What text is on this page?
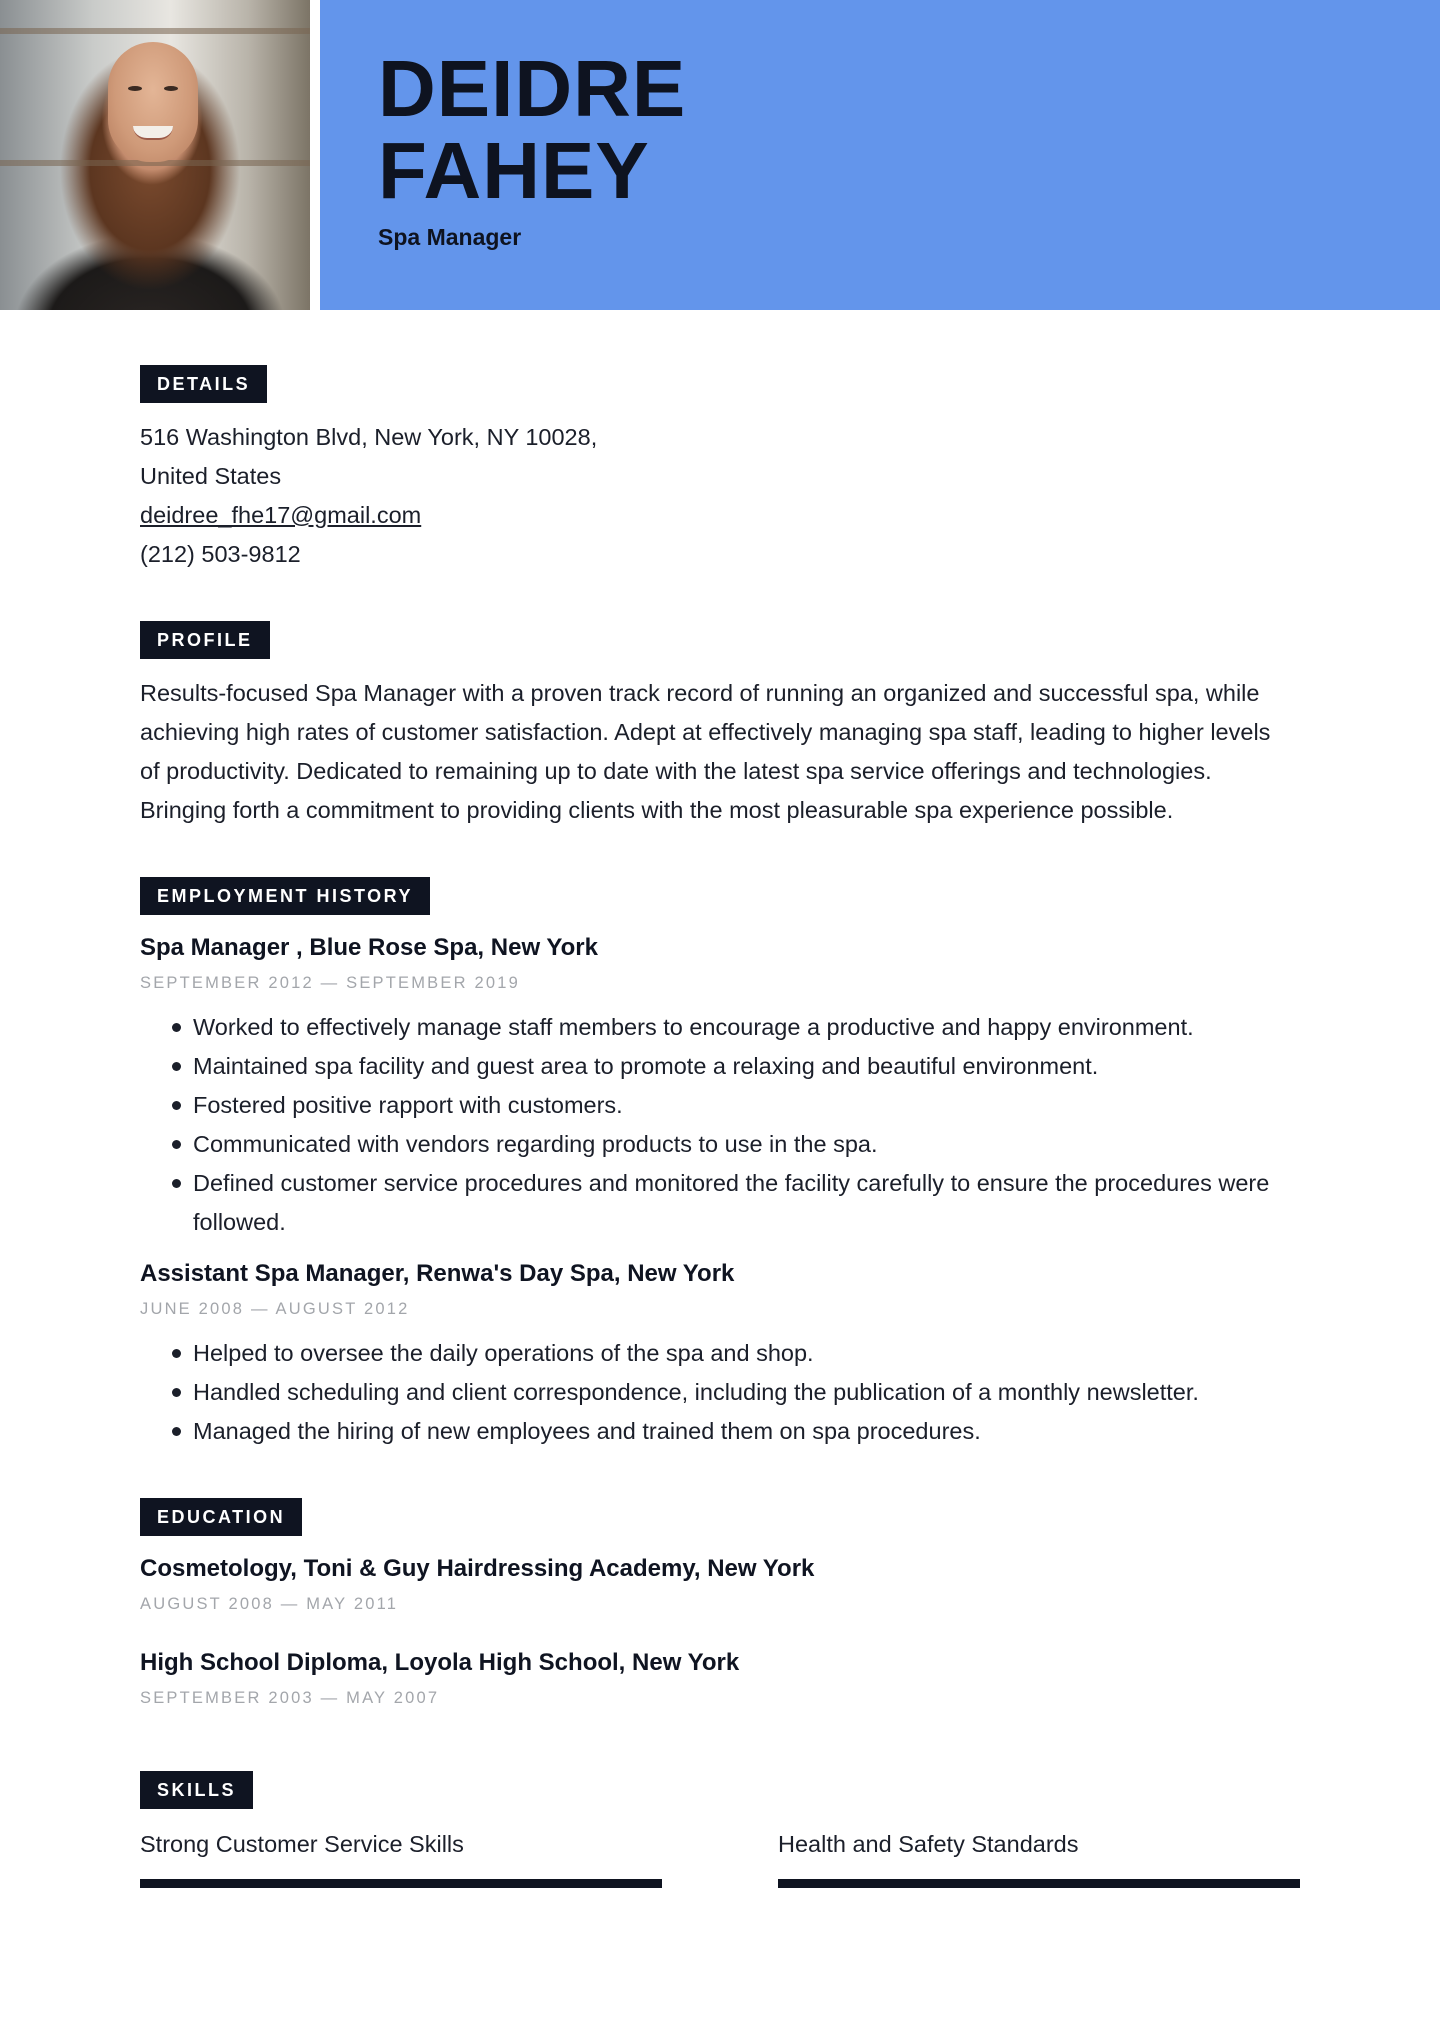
DEIDRE
FAHEY
Spa Manager
DETAILS
516 Washington Blvd, New York, NY 10028,
United States
deidree_fhe17@gmail.com
(212) 503-9812
PROFILE
Results-focused Spa Manager with a proven track record of running an organized and successful spa, while
achieving high rates of customer satisfaction. Adept at effectively managing spa staff, leading to higher levels
of productivity. Dedicated to remaining up to date with the latest spa service offerings and technologies.
Bringing forth a commitment to providing clients with the most pleasurable spa experience possible.
EMPLOYMENT HISTORY
Spa Manager , Blue Rose Spa, New York
SEPTEMBER 2012 — SEPTEMBER 2019
Worked to effectively manage staff members to encourage a productive and happy environment.
Maintained spa facility and guest area to promote a relaxing and beautiful environment.
Fostered positive rapport with customers.
Communicated with vendors regarding products to use in the spa.
Defined customer service procedures and monitored the facility carefully to ensure the procedures were followed.
Assistant Spa Manager, Renwa's Day Spa, New York
JUNE 2008 — AUGUST 2012
Helped to oversee the daily operations of the spa and shop.
Handled scheduling and client correspondence, including the publication of a monthly newsletter.
Managed the hiring of new employees and trained them on spa procedures.
EDUCATION
Cosmetology, Toni & Guy Hairdressing Academy, New York
AUGUST 2008 — MAY 2011
High School Diploma, Loyola High School, New York
SEPTEMBER 2003 — MAY 2007
SKILLS
Strong Customer Service Skills	Health and Safety Standards
